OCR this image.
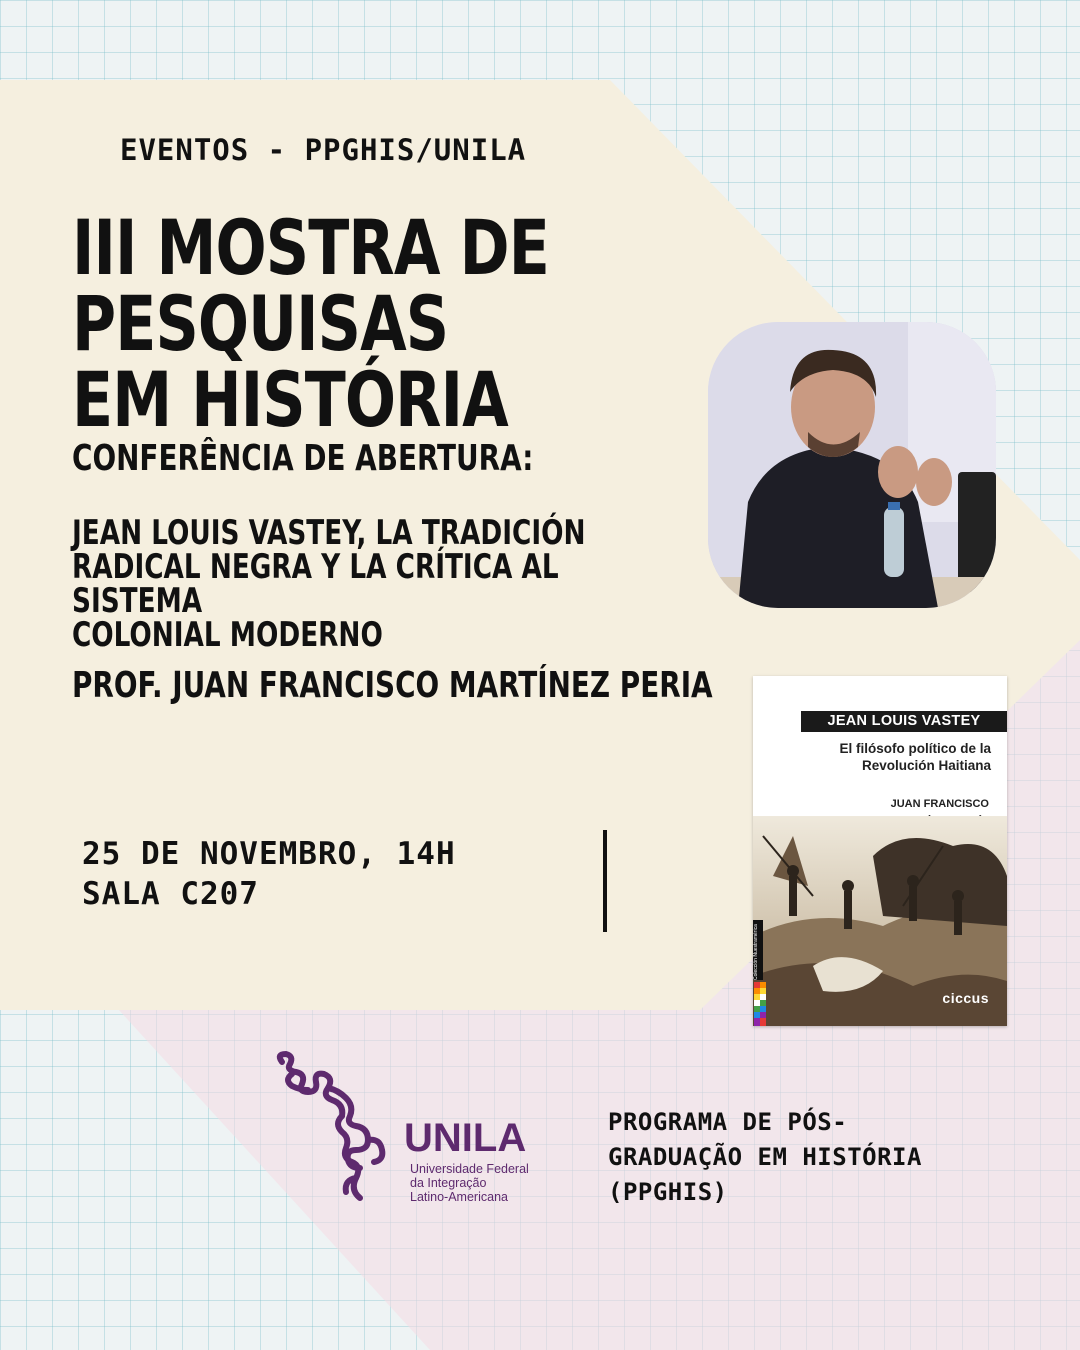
EVENTOS - PPGHIS/UNILA
III MOSTRA DE PESQUISAS
EM HISTÓRIA
CONFERÊNCIA DE ABERTURA:
JEAN LOUIS VASTEY, LA TRADICIÓN
RADICAL NEGRA Y LA CRÍTICA AL SISTEMA
COLONIAL MODERNO
PROF. JUAN FRANCISCO MARTÍNEZ PERIA
25 DE NOVEMBRO, 14H
SALA C207
JEAN LOUIS VASTEY
El filósofo político de la
Revolución Haitiana
JUAN FRANCISCO
Colección Nuestramérica
ciccus
UNILA
Universidade Federal
da Integração
Latino-Americana
PROGRAMA DE PÓS-
GRADUAÇÃO EM HISTÓRIA
(PPGHIS)
